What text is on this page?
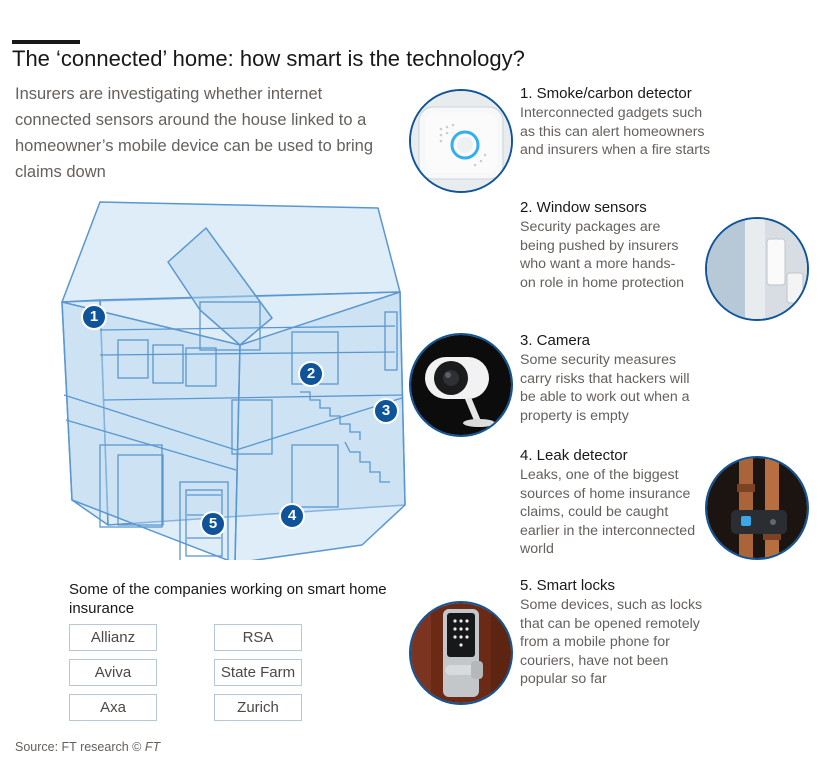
The ‘connected’ home: how smart is the technology?
Insurers are investigating whether internet connected sensors around the house linked to a homeowner’s mobile device can be used to bring claims down
1
2
3
4
5
1. Smoke/carbon detector
Interconnected gadgets such as this can alert homeowners and insurers when a fire starts
2. Window sensors
Security packages are being pushed by insurers who want a more hands-on role in home protection
3. Camera
Some security measures carry risks that hackers will be able to work out when a property is empty
4. Leak detector
Leaks, one of the biggest sources of home insurance claims, could be caught earlier in the interconnected world
5. Smart locks
Some devices, such as locks that can be opened remotely from a mobile phone for couriers, have not been popular so far
Some of the companies working on smart home insurance
Allianz	RSA
Aviva	State Farm
Axa	Zurich
Source: FT research © FT
